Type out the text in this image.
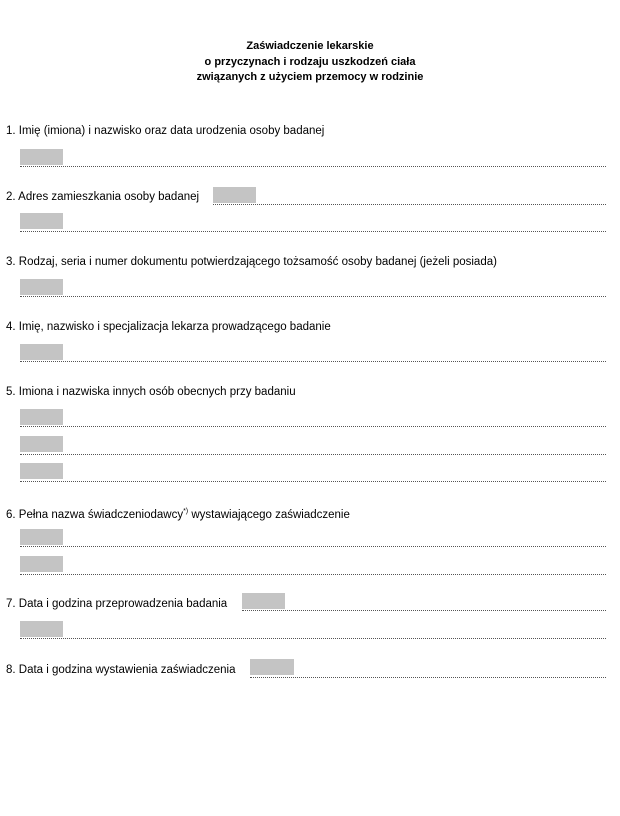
Zaświadczenie lekarskie
o przyczynach i rodzaju uszkodzeń ciała
związanych z użyciem przemocy w rodzinie
1. Imię (imiona) i nazwisko oraz data urodzenia osoby badanej
2. Adres zamieszkania osoby badanej
3. Rodzaj, seria i numer dokumentu potwierdzającego tożsamość osoby badanej (jeżeli posiada)
4. Imię, nazwisko i specjalizacja lekarza prowadzącego badanie
5. Imiona i nazwiska innych osób obecnych przy badaniu
6. Pełna nazwa świadczeniodawcy*) wystawiającego zaświadczenie
7. Data i godzina przeprowadzenia badania
8. Data i godzina wystawienia zaświadczenia
